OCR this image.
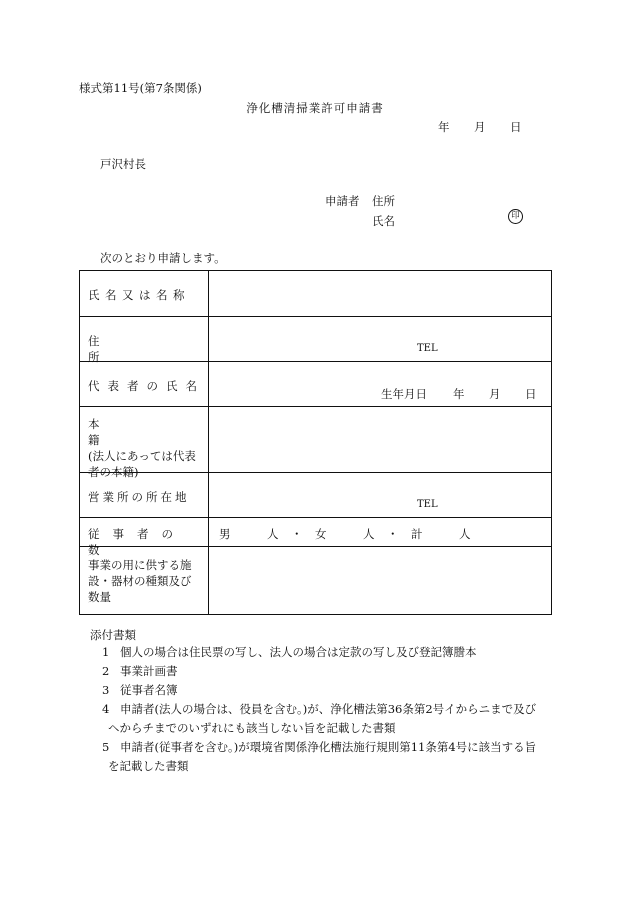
様式第11号(第7条関係)
浄化槽清掃業許可申請書
年 月 日
戸沢村長
申請者 住所
氏名	印
次のとおり申請します。
氏名又は名称	

住所	TEL

代表者の氏名	生年月日 年 月 日

本籍
(法人にあっては代表者の本籍)	

営業所の所在地	TEL

従事者の数	男 人 ・ 女 人 ・ 計 人

事業の用に供する施設・器材の種類及び数量	

添付書類
1 個人の場合は住民票の写し、法人の場合は定款の写し及び登記簿謄本
2 事業計画書
3 従事者名簿
4 申請者(法人の場合は、役員を含む。)が、浄化槽法第36条第2号イからニまで及び
ヘからチまでのいずれにも該当しない旨を記載した書類
5 申請者(従事者を含む。)が環境省関係浄化槽法施行規則第11条第4号に該当する旨
を記載した書類
